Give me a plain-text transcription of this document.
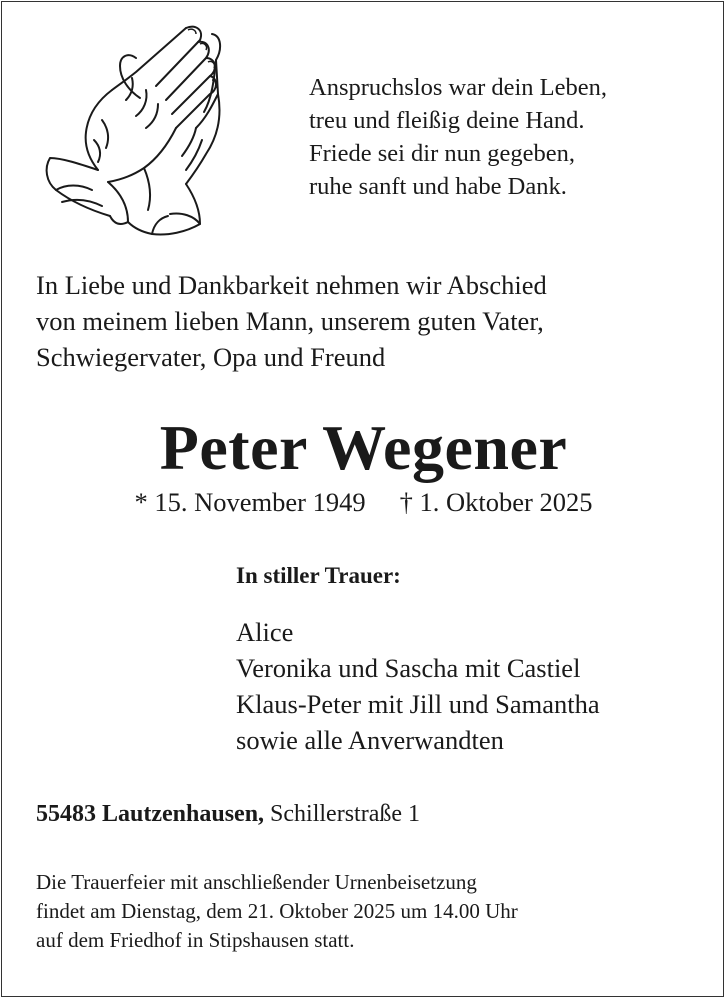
Anspruchslos war dein Leben,
treu und fleißig deine Hand.
Friede sei dir nun gegeben,
ruhe sanft und habe Dank.
In Liebe und Dankbarkeit nehmen wir Abschied
von meinem lieben Mann, unserem guten Vater,
Schwiegervater, Opa und Freund
Peter Wegener
* 15. November 1949 † 1. Oktober 2025
In stiller Trauer:
Alice
Veronika und Sascha mit Castiel
Klaus-Peter mit Jill und Samantha
sowie alle Anverwandten
55483 Lautzenhausen, Schillerstraße 1
Die Trauerfeier mit anschließender Urnenbeisetzung
findet am Dienstag, dem 21. Oktober 2025 um 14.00 Uhr
auf dem Friedhof in Stipshausen statt.
